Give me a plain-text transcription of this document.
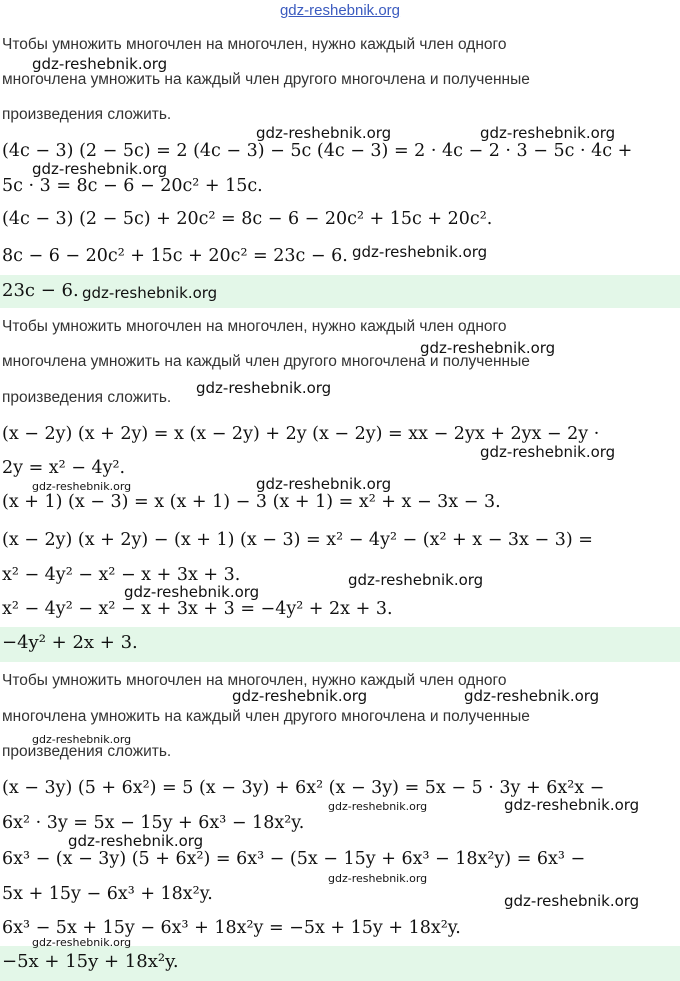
gdz-reshebnik.org
Чтобы умножить многочлен на многочлен, нужно каждый член одного
многочлена умножить на каждый член другого многочлена и полученные
произведения сложить.
(4c − 3) (2 − 5c) = 2 (4c − 3) − 5c (4c − 3) = 2 · 4c − 2 · 3 − 5c · 4c +
5c · 3 = 8c − 6 − 20c² + 15c.
(4c − 3) (2 − 5c) + 20c² = 8c − 6 − 20c² + 15c + 20c².
8c − 6 − 20c² + 15c + 20c² = 23c − 6.
23c − 6.
Чтобы умножить многочлен на многочлен, нужно каждый член одного
многочлена умножить на каждый член другого многочлена и полученные
произведения сложить.
(x − 2y) (x + 2y) = x (x − 2y) + 2y (x − 2y) = xx − 2yx + 2yx − 2y ·
2y = x² − 4y².
(x + 1) (x − 3) = x (x + 1) − 3 (x + 1) = x² + x − 3x − 3.
(x − 2y) (x + 2y) − (x + 1) (x − 3) = x² − 4y² − (x² + x − 3x − 3) =
x² − 4y² − x² − x + 3x + 3.
x² − 4y² − x² − x + 3x + 3 = −4y² + 2x + 3.
−4y² + 2x + 3.
Чтобы умножить многочлен на многочлен, нужно каждый член одного
многочлена умножить на каждый член другого многочлена и полученные
произведения сложить.
(x − 3y) (5 + 6x²) = 5 (x − 3y) + 6x² (x − 3y) = 5x − 5 · 3y + 6x²x −
6x² · 3y = 5x − 15y + 6x³ − 18x²y.
6x³ − (x − 3y) (5 + 6x²) = 6x³ − (5x − 15y + 6x³ − 18x²y) = 6x³ −
5x + 15y − 6x³ + 18x²y.
6x³ − 5x + 15y − 6x³ + 18x²y = −5x + 15y + 18x²y.
−5x + 15y + 18x²y.
gdz-reshebnik.org
gdz-reshebnik.org	gdz-reshebnik.org
gdz-reshebnik.org
gdz-reshebnik.org
gdz-reshebnik.org
gdz-reshebnik.org
gdz-reshebnik.org
gdz-reshebnik.org
gdz-reshebnik.org	gdz-reshebnik.org
gdz-reshebnik.org
gdz-reshebnik.org
gdz-reshebnik.org	gdz-reshebnik.org
gdz-reshebnik.org
gdz-reshebnik.org	gdz-reshebnik.org
gdz-reshebnik.org
gdz-reshebnik.org
gdz-reshebnik.org
gdz-reshebnik.org
